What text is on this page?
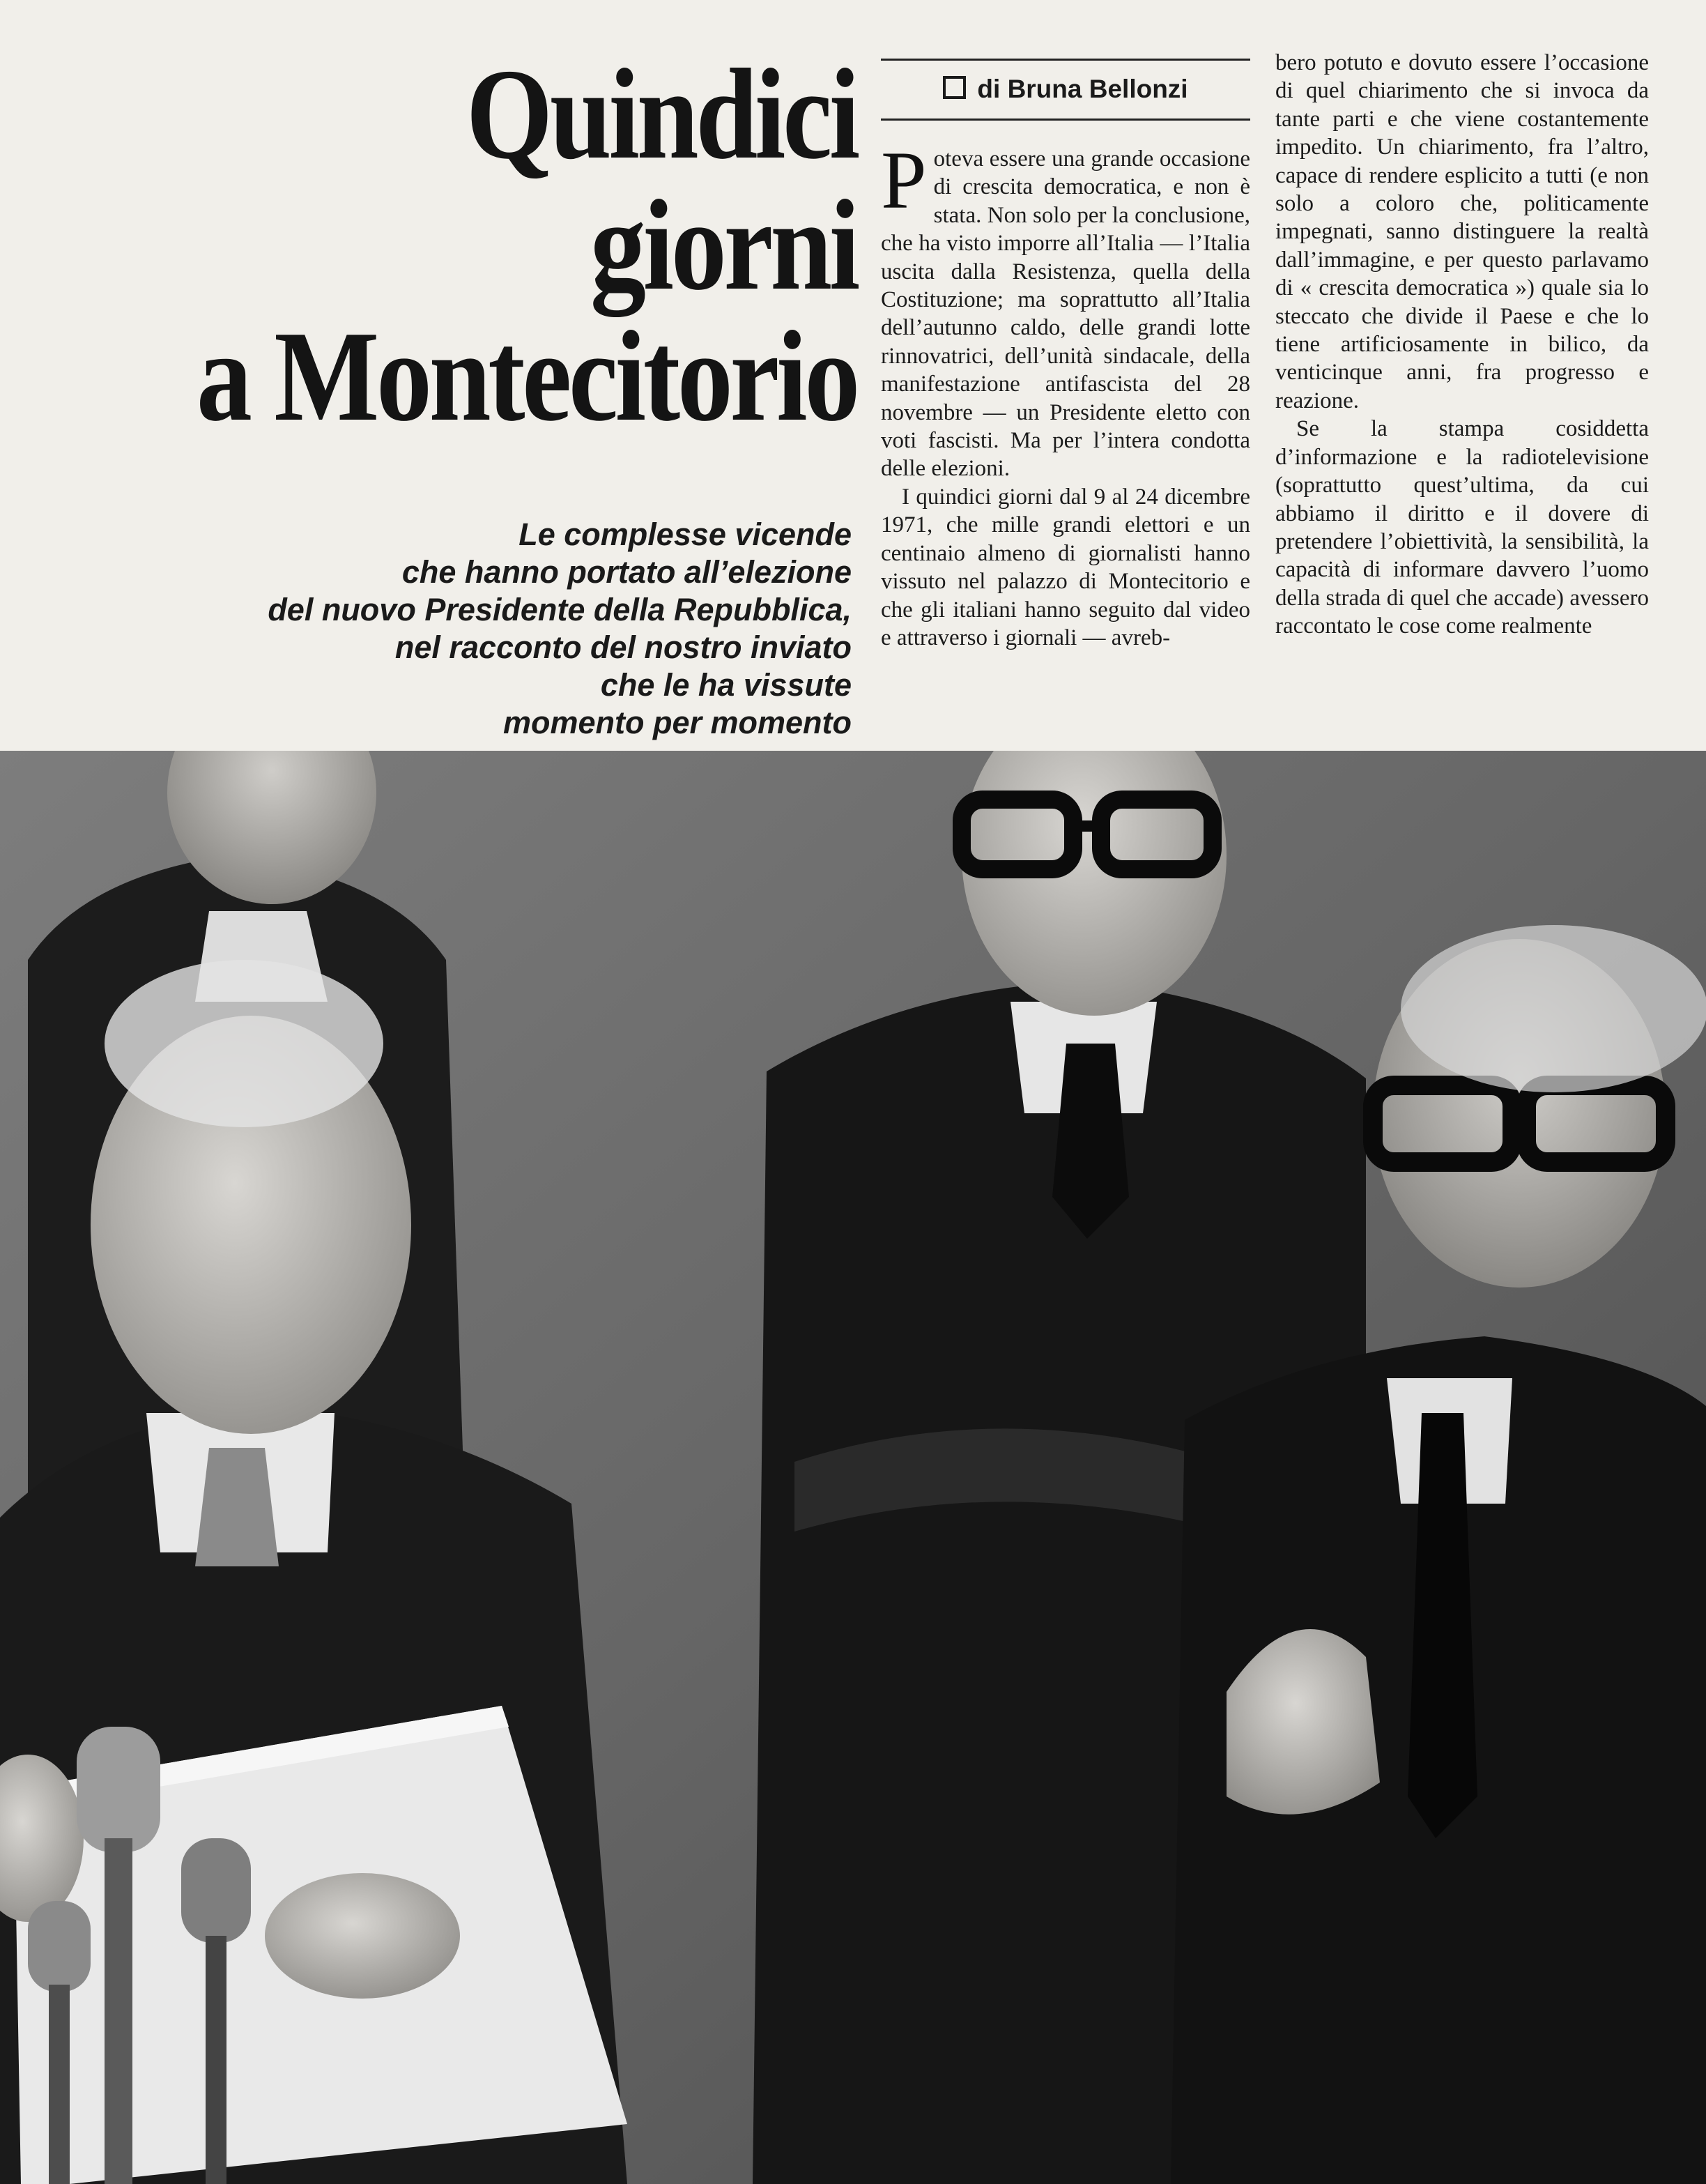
Quindici
giorni
a Montecitorio
Le complesse vicende
che hanno portato all’elezione
del nuovo Presidente della Repubblica,
nel racconto del nostro inviato
che le ha vissute
momento per momento
di Bruna Bellonzi

Poteva essere una grande occasione di crescita democratica, e non è stata. Non solo per la conclusione, che ha visto imporre all’Italia — l’Italia uscita dalla Resistenza, quella della Costituzione; ma soprattutto all’Italia dell’autunno caldo, delle grandi lotte rinnovatrici, dell’unità sindacale, della manifestazione antifascista del 28 novembre — un Presidente eletto con voti fascisti. Ma per l’intera condotta delle elezioni.

I quindici giorni dal 9 al 24 dicembre 1971, che mille grandi elettori e un centinaio almeno di giornalisti hanno vissuto nel palazzo di Montecitorio e che gli italiani hanno seguito dal video e attraverso i giornali — avreb-

bero potuto e dovuto essere l’occasione di quel chiarimento che si invoca da tante parti e che viene costantemente impedito. Un chiarimento, fra l’altro, capace di rendere esplicito a tutti (e non solo a coloro che, politicamente impegnati, sanno distinguere la realtà dall’immagine, e per questo parlavamo di « crescita democratica ») quale sia lo steccato che divide il Paese e che lo tiene artificiosamente in bilico, da venticinque anni, fra progresso e reazione.

Se la stampa cosiddetta d’informazione e la radiotelevisione (soprattutto quest’ultima, da cui abbiamo il diritto e il dovere di pretendere l’obiettività, la sensibilità, la capacità di informare davvero l’uomo della strada di quel che accade) avessero raccontato le cose come realmente
